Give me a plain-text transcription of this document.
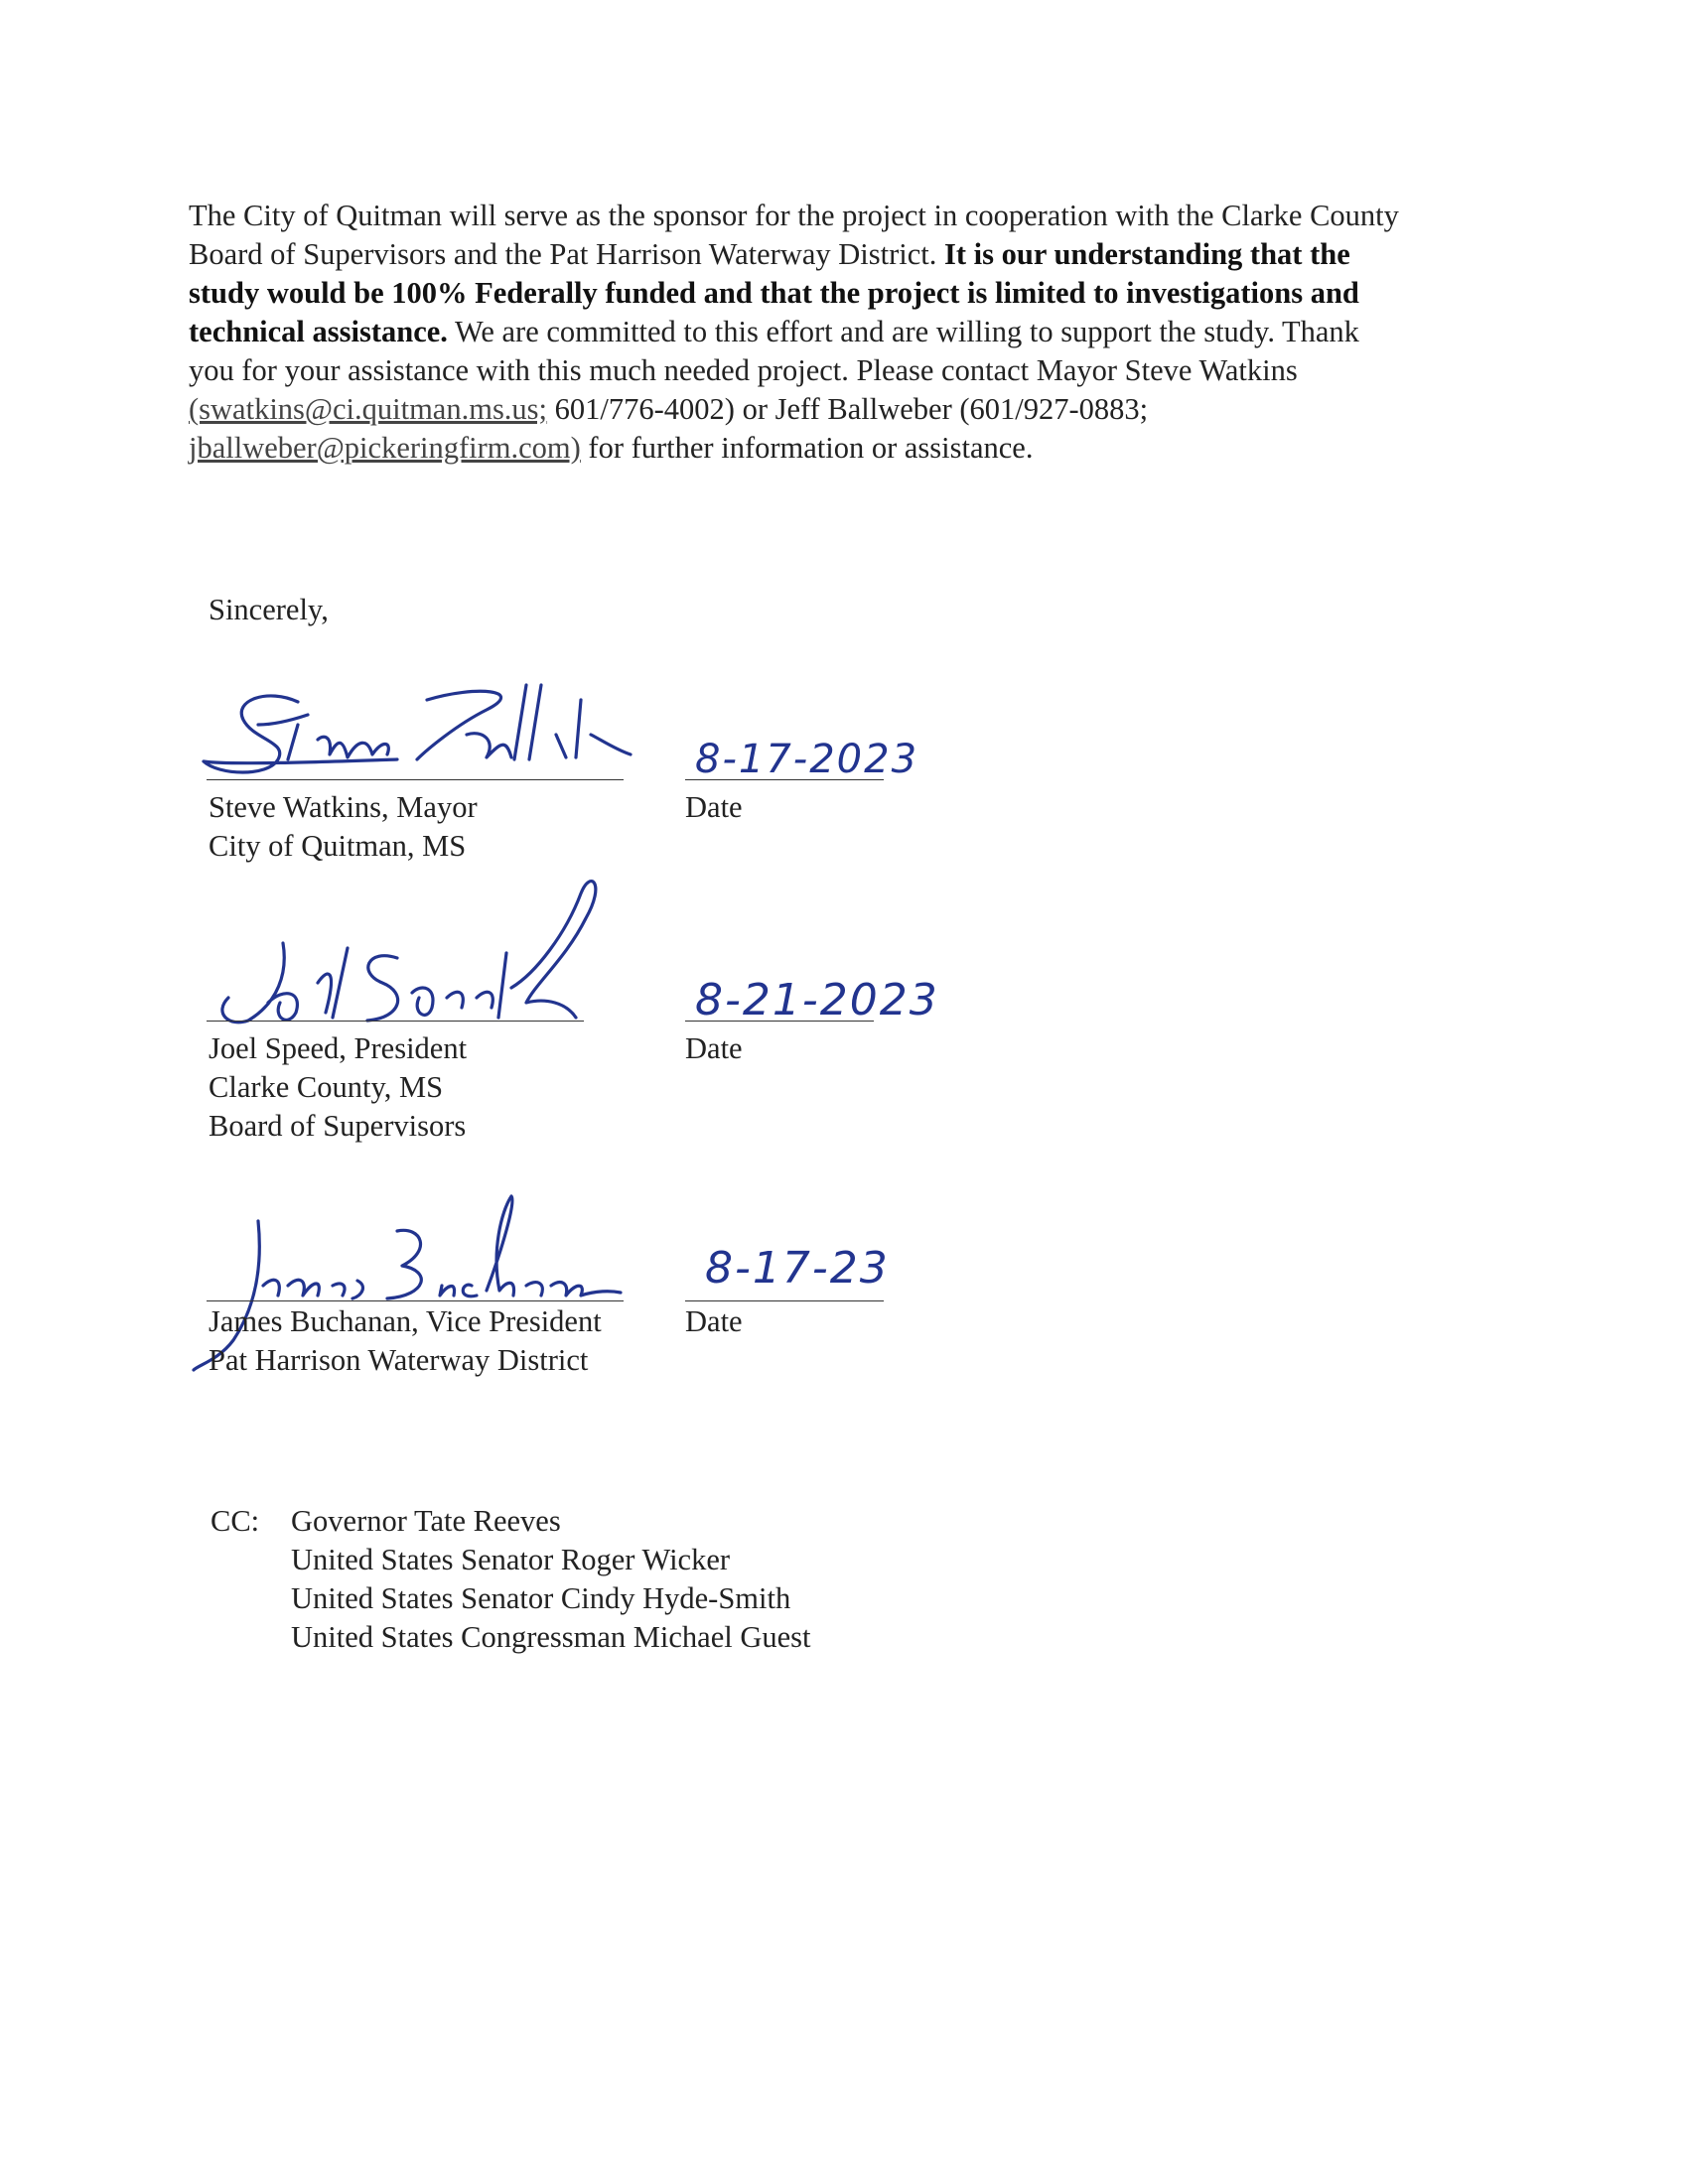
The City of Quitman will serve as the sponsor for the project in cooperation with the Clarke County
Board of Supervisors and the Pat Harrison Waterway District. It is our understanding that the
study would be 100% Federally funded and that the project is limited to investigations and
technical assistance. We are committed to this effort and are willing to support the study. Thank
you for your assistance with this much needed project. Please contact Mayor Steve Watkins
(swatkins@ci.quitman.ms.us; 601/776-4002) or Jeff Ballweber (601/927-0883;
jballweber@pickeringfirm.com) for further information or assistance.

Sincerely,
Steve Watkins, Mayor
City of Quitman, MS
8-17-2023
Date
Joel Speed, President
Clarke County, MS
Board of Supervisors
8-21-2023
Date
James Buchanan, Vice President
Pat Harrison Waterway District
8-17-23
Date
CC: Governor Tate Reeves
United States Senator Roger Wicker
United States Senator Cindy Hyde-Smith
United States Congressman Michael Guest
